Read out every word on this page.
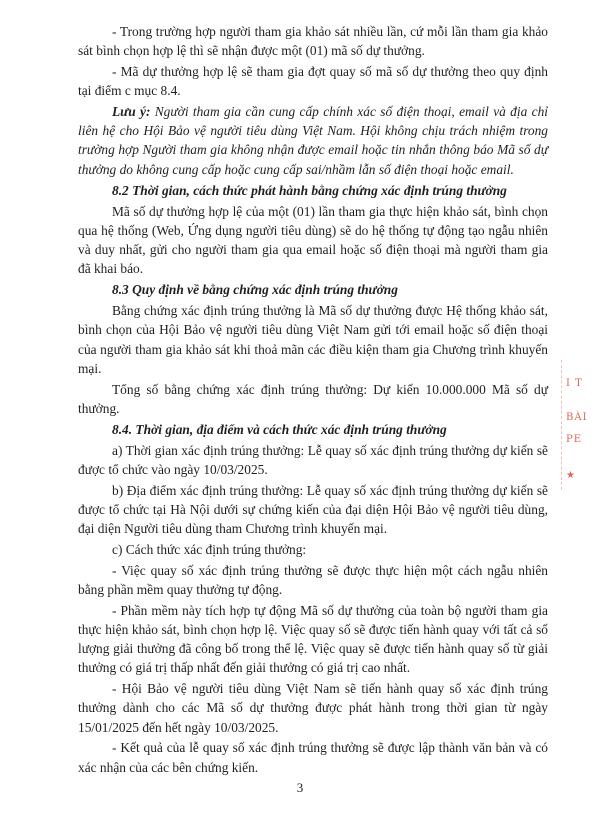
- Trong trường hợp người tham gia khảo sát nhiều lần, cứ mỗi lần tham gia khảo sát bình chọn hợp lệ thì sẽ nhận được một (01) mã số dự thưởng.

- Mã dự thưởng hợp lệ sẽ tham gia đợt quay số mã số dự thưởng theo quy định tại điểm c mục 8.4.

Lưu ý: Người tham gia cần cung cấp chính xác số điện thoại, email và địa chỉ liên hệ cho Hội Bảo vệ người tiêu dùng Việt Nam. Hội không chịu trách nhiệm trong trường hợp Người tham gia không nhận được email hoặc tin nhắn thông báo Mã số dự thưởng do không cung cấp hoặc cung cấp sai/nhầm lẫn số điện thoại hoặc email.

8.2 Thời gian, cách thức phát hành bằng chứng xác định trúng thưởng

Mã số dự thưởng hợp lệ của một (01) lần tham gia thực hiện khảo sát, bình chọn qua hệ thống (Web, Ứng dụng người tiêu dùng) sẽ do hệ thống tự động tạo ngẫu nhiên và duy nhất, gửi cho người tham gia qua email hoặc số điện thoại mà người tham gia đã khai báo.

8.3 Quy định về bằng chứng xác định trúng thưởng

Bằng chứng xác định trúng thưởng là Mã số dự thưởng được Hệ thống khảo sát, bình chọn của Hội Bảo vệ người tiêu dùng Việt Nam gửi tới email hoặc số điện thoại của người tham gia khảo sát khi thoả mãn các điều kiện tham gia Chương trình khuyến mại.

Tổng số bằng chứng xác định trúng thưởng: Dự kiến 10.000.000 Mã số dự thưởng.

8.4. Thời gian, địa điểm và cách thức xác định trúng thưởng

a) Thời gian xác định trúng thưởng: Lễ quay số xác định trúng thưởng dự kiến sẽ được tổ chức vào ngày 10/03/2025.

b) Địa điểm xác định trúng thưởng: Lễ quay số xác định trúng thưởng dự kiến sẽ được tổ chức tại Hà Nội dưới sự chứng kiến của đại diện Hội Bảo vệ người tiêu dùng, đại diện Người tiêu dùng tham Chương trình khuyến mại.

c) Cách thức xác định trúng thưởng:

- Việc quay số xác định trúng thưởng sẽ được thực hiện một cách ngẫu nhiên bằng phần mềm quay thưởng tự động.

- Phần mềm này tích hợp tự động Mã số dự thưởng của toàn bộ người tham gia thực hiện khảo sát, bình chọn hợp lệ. Việc quay số sẽ được tiến hành quay với tất cả số lượng giải thưởng đã công bố trong thể lệ. Việc quay sẽ được tiến hành quay số từ giải thưởng có giá trị thấp nhất đến giải thưởng có giá trị cao nhất.

- Hội Bảo vệ người tiêu dùng Việt Nam sẽ tiến hành quay số xác định trúng thưởng dành cho các Mã số dự thưởng được phát hành trong thời gian từ ngày 15/01/2025 đến hết ngày 10/03/2025.

- Kết quả của lễ quay số xác định trúng thưởng sẽ được lập thành văn bản và có xác nhận của các bên chứng kiến.

3
I T
BÀI
PE
★
